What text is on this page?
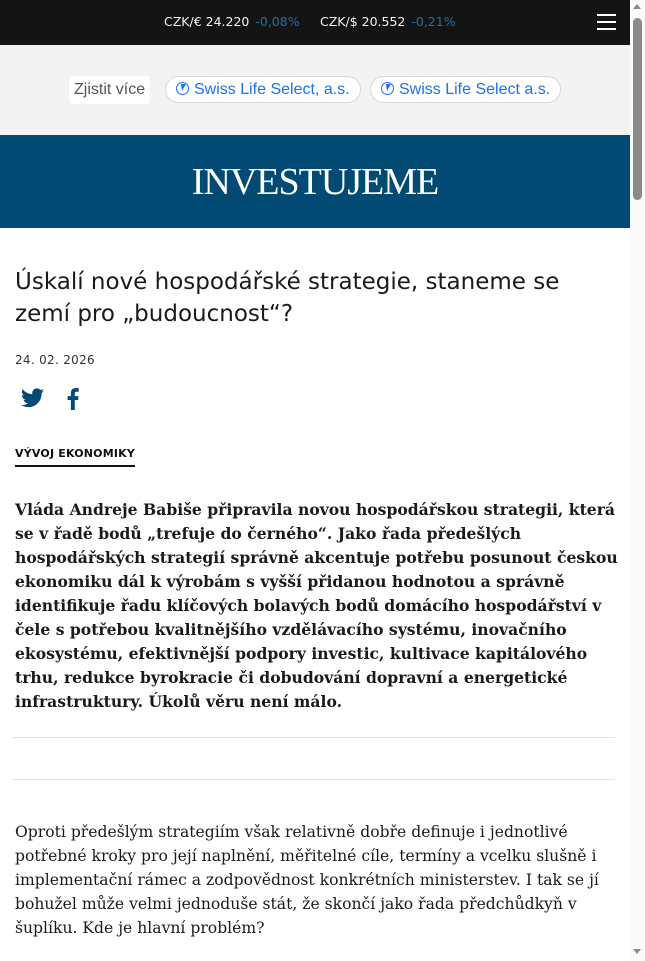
CZK/€ 24.220 -0,08% CZK/$ 20.552 -0,21%
Zjistit více	Swiss Life Select, a.s.	Swiss Life Select a.s.
INVESTUJEME
Úskalí nové hospodářské strategie, staneme se zemí pro „budoucnost“?
24. 02. 2026
VÝVOJ EKONOMIKY

Vláda Andreje Babiše připravila novou hospodářskou strategii, která se v řadě bodů „trefuje do černého“. Jako řada předešlých hospodářských strategií správně akcentuje potřebu posunout českou ekonomiku dál k výrobám s vyšší přidanou hodnotou a správně identifikuje řadu klíčových bolavých bodů domácího hospodářství v čele s potřebou kvalitnějšího vzdělávacího systému, inovačního ekosystému, efektivnější podpory investic, kultivace kapitálového trhu, redukce byrokracie či dobudování dopravní a energetické infrastruktury. Úkolů věru není málo.

Oproti předešlým strategiím však relativně dobře definuje i jednotlivé potřebné kroky pro její naplnění, měřitelné cíle, termíny a vcelku slušně i implementační rámec a zodpovědnost konkrétních ministerstev. I tak se jí bohužel může velmi jednoduše stát, že skončí jako řada předchůdkyň v šuplíku. Kde je hlavní problém?
